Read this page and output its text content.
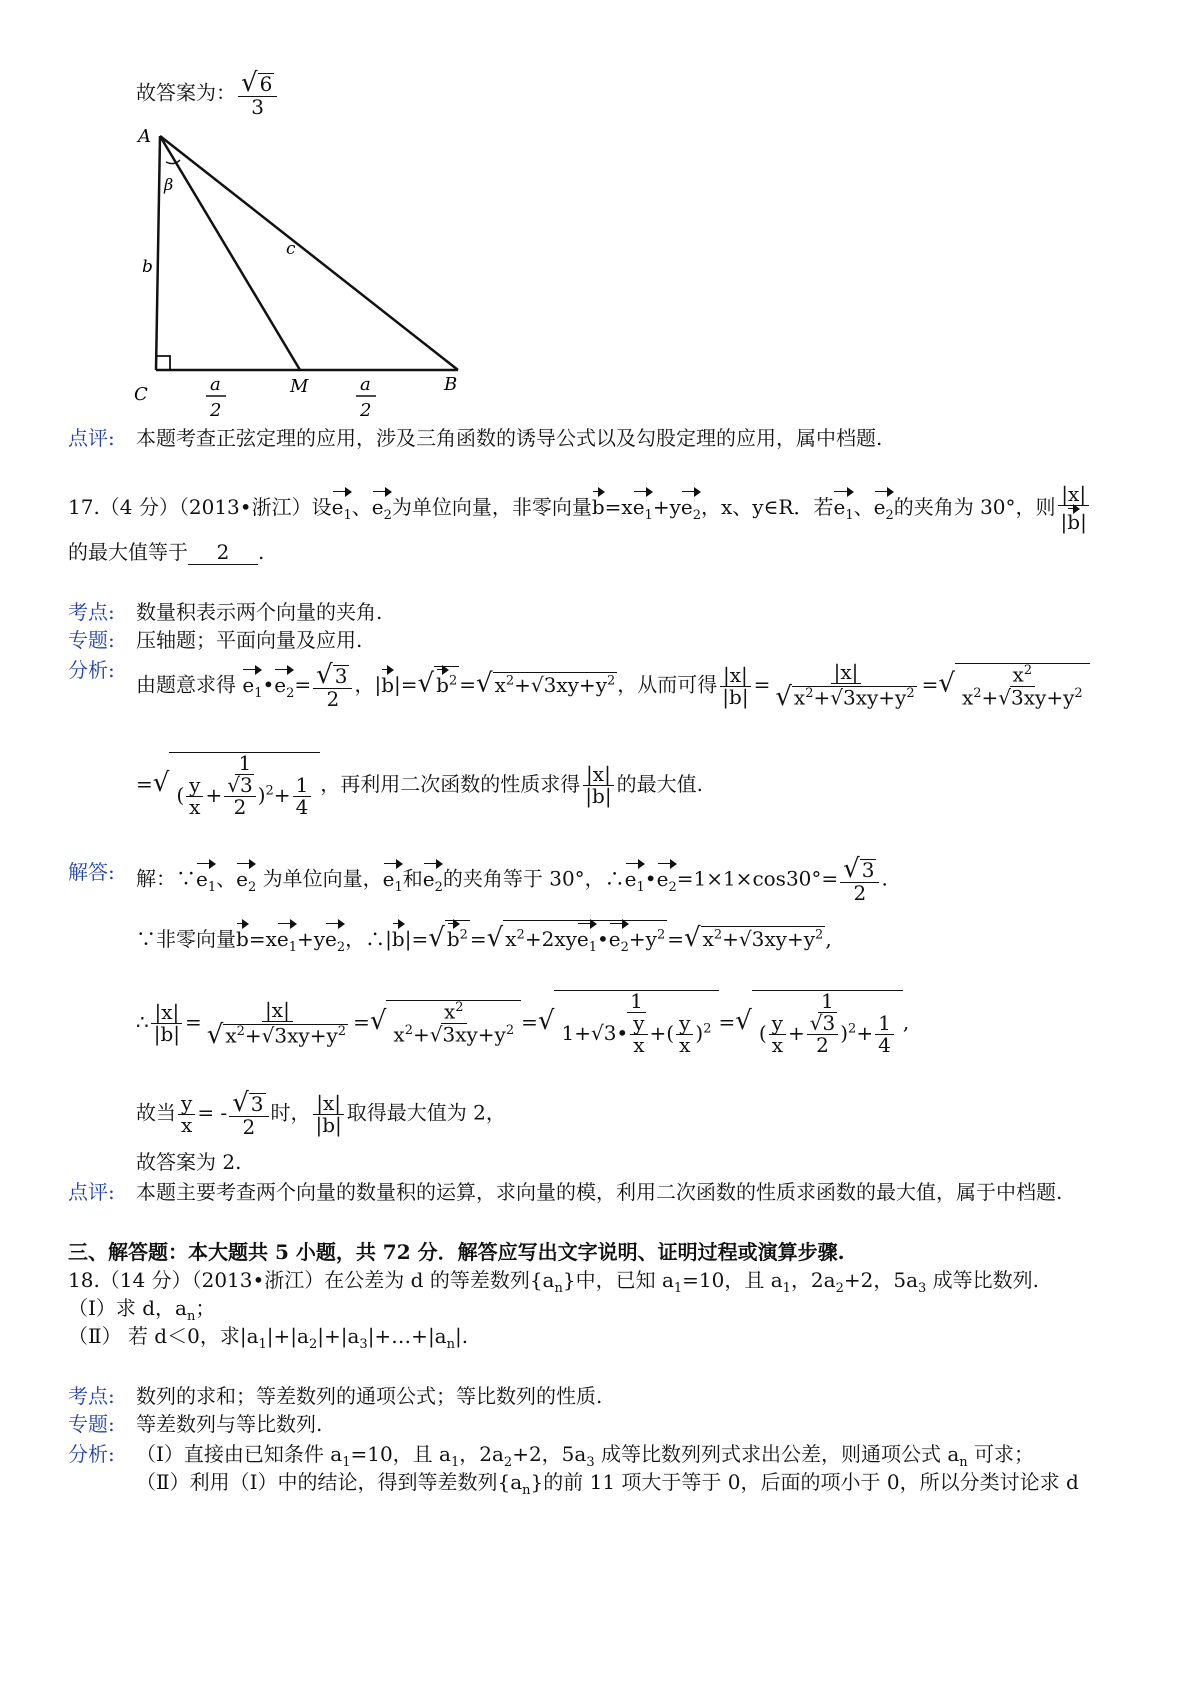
故答案为： $\frac{√ 6}{3}$
A
β
b
c
C	M	B
a
2
a
2
点评: 本题考查正弦定理的应用，涉及三角函数的诱导公式以及勾股定理的应用，属中档题.
17.（4 分）（2013•浙江）设$e_1$、$e_2$为单位向量，非零向量$b=xe_1+ye_2$，x、y∈R．若$e_1$、$e_2$的夹角为 30°，则 $\frac{|x|}{|b|}$
的最大值等于 2 .
考点: 数量积表示两个向量的夹角.
专题: 压轴题；平面向量及应用.
分析:
由题意求得 $e_1•e_2= \frac{√ 3}{2}$ ，|b|=√ $b^2$ =√ $x^2+√3xy+y^2$ ，从而可得 $\frac{|x|}{|b|} = \frac{|x|}{√ x^2+√3xy+y^2}$ =√ $\frac{x^2}{x^2+√3xy+y^2}$
=√ $\frac{1}{( \frac{y}{x} + \frac{√3}{2} )^2+ \frac{1}{4}}$ ，再利用二次函数的性质求得 $\frac{|x|}{|b|}$ 的最大值.
解答: 解：$\because e_1$、$e_2$ 为单位向量，$e_1$和$e_2$的夹角等于 30°，$\therefore e_1•e_2=1\times 1\times\cos 30^\circ= \frac{√ 3}{2}$ .
∵非零向量$b=xe_1+ye_2$，∴|b|=√ $b^2$ =√ $x^2+2xye_1•e_2+y^2$ =√ $x^2+√3xy+y^2$ ,
∴ $\frac{|x|}{|b|} = \frac{|x|}{√ x^2+√3xy+y^2}$ =√ $\frac{x^2}{x^2+√3xy+y^2}$ =√ $\frac{1}{1+√3• \frac{y}{x} +( \frac{y}{x} )^2}$ =√ $\frac{1}{( \frac{y}{x} + \frac{√3}{2} )^2+ \frac{1}{4}}$ ,
故当 $\frac{y}{x}$ = - $\frac{√ 3}{2}$ 时， $\frac{|x|}{|b|}$ 取得最大值为 2，
故答案为 2.
点评: 本题主要考查两个向量的数量积的运算，求向量的模，利用二次函数的性质求函数的最大值，属于中档题.
三、解答题：本大题共 5 小题，共 72 分．解答应写出文字说明、证明过程或演算步骤.
18.（14 分）（2013•浙江）在公差为 d 的等差数列$\{a_n\}$中，已知 $a_1=10$，且 $a_1$，$2a_2+2$，$5a_3$ 成等比数列.
（Ⅰ）求 d，$a_n$；
（Ⅱ） 若 d＜0，求$|a_1|+|a_2|+|a_3|+\dots+|a_n|$.
考点: 数列的求和；等差数列的通项公式；等比数列的性质.
专题: 等差数列与等比数列.
分析: （Ⅰ）直接由已知条件 $a_1=10$，且 $a_1$，$2a_2+2$，$5a_3$ 成等比数列列式求出公差，则通项公式 $a_n$ 可求；
（Ⅱ）利用（Ⅰ）中的结论，得到等差数列$\{a_n\}$的前 11 项大于等于 0，后面的项小于 0，所以分类讨论求 d
